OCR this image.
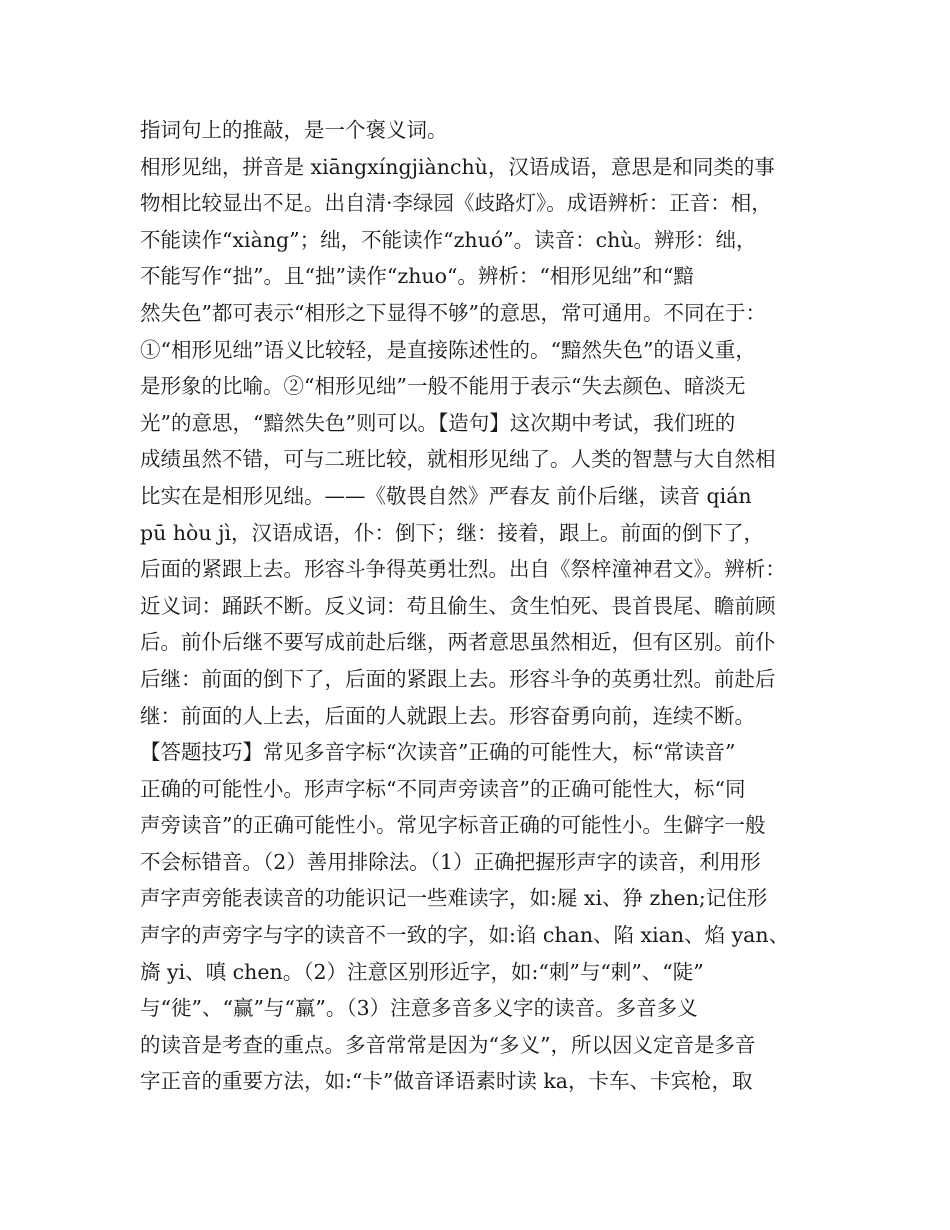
指词句上的推敲，是一个褒义词。
相形见绌，拼音是 xiāngxíngjiànchù，汉语成语，意思是和同类的事
物相比较显出不足。出自清·李绿园《歧路灯》。成语辨析：正音：相，
不能读作“xiàng”；绌，不能读作“zhuó”。读音：chù。辨形：绌，
不能写作“拙”。且“拙”读作“zhuo“。辨析：“相形见绌”和“黯
然失色”都可表示“相形之下显得不够”的意思，常可通用。不同在于：
①“相形见绌”语义比较轻，是直接陈述性的。“黯然失色”的语义重，
是形象的比喻。②“相形见绌”一般不能用于表示“失去颜色、暗淡无
光”的意思，“黯然失色”则可以。【造句】这次期中考试，我们班的
成绩虽然不错，可与二班比较，就相形见绌了。人类的智慧与大自然相
比实在是相形见绌。——《敬畏自然》严春友 前仆后继，读音 qián
pū hòu jì，汉语成语，仆：倒下；继：接着，跟上。前面的倒下了，
后面的紧跟上去。形容斗争得英勇壮烈。出自《祭梓潼神君文》。辨析：
近义词：踊跃不断。反义词：苟且偷生、贪生怕死、畏首畏尾、瞻前顾
后。前仆后继不要写成前赴后继，两者意思虽然相近，但有区别。前仆
后继：前面的倒下了，后面的紧跟上去。形容斗争的英勇壮烈。前赴后
继：前面的人上去，后面的人就跟上去。形容奋勇向前，连续不断。
【答题技巧】常见多音字标“次读音”正确的可能性大，标“常读音”
正确的可能性小。形声字标“不同声旁读音”的正确可能性大，标“同
声旁读音”的正确可能性小。常见字标音正确的可能性小。生僻字一般
不会标错音。（2）善用排除法。（1）正确把握形声字的读音，利用形
声字声旁能表读音的功能识记一些难读字，如:屣 xi、狰 zhen;记住形
声字的声旁字与字的读音不一致的字，如:谄 chan、陷 xian、焰 yan、
旖 yi、嗔 chen。（2）注意区别形近字，如:“刺”与“剌”、“陡”
与“徙”、“赢”与“羸”。（3）注意多音多义字的读音。多音多义
的读音是考查的重点。多音常常是因为“多义”，所以因义定音是多音
字正音的重要方法，如:“卡”做音译语素时读 ka，卡车、卡宾枪，取
